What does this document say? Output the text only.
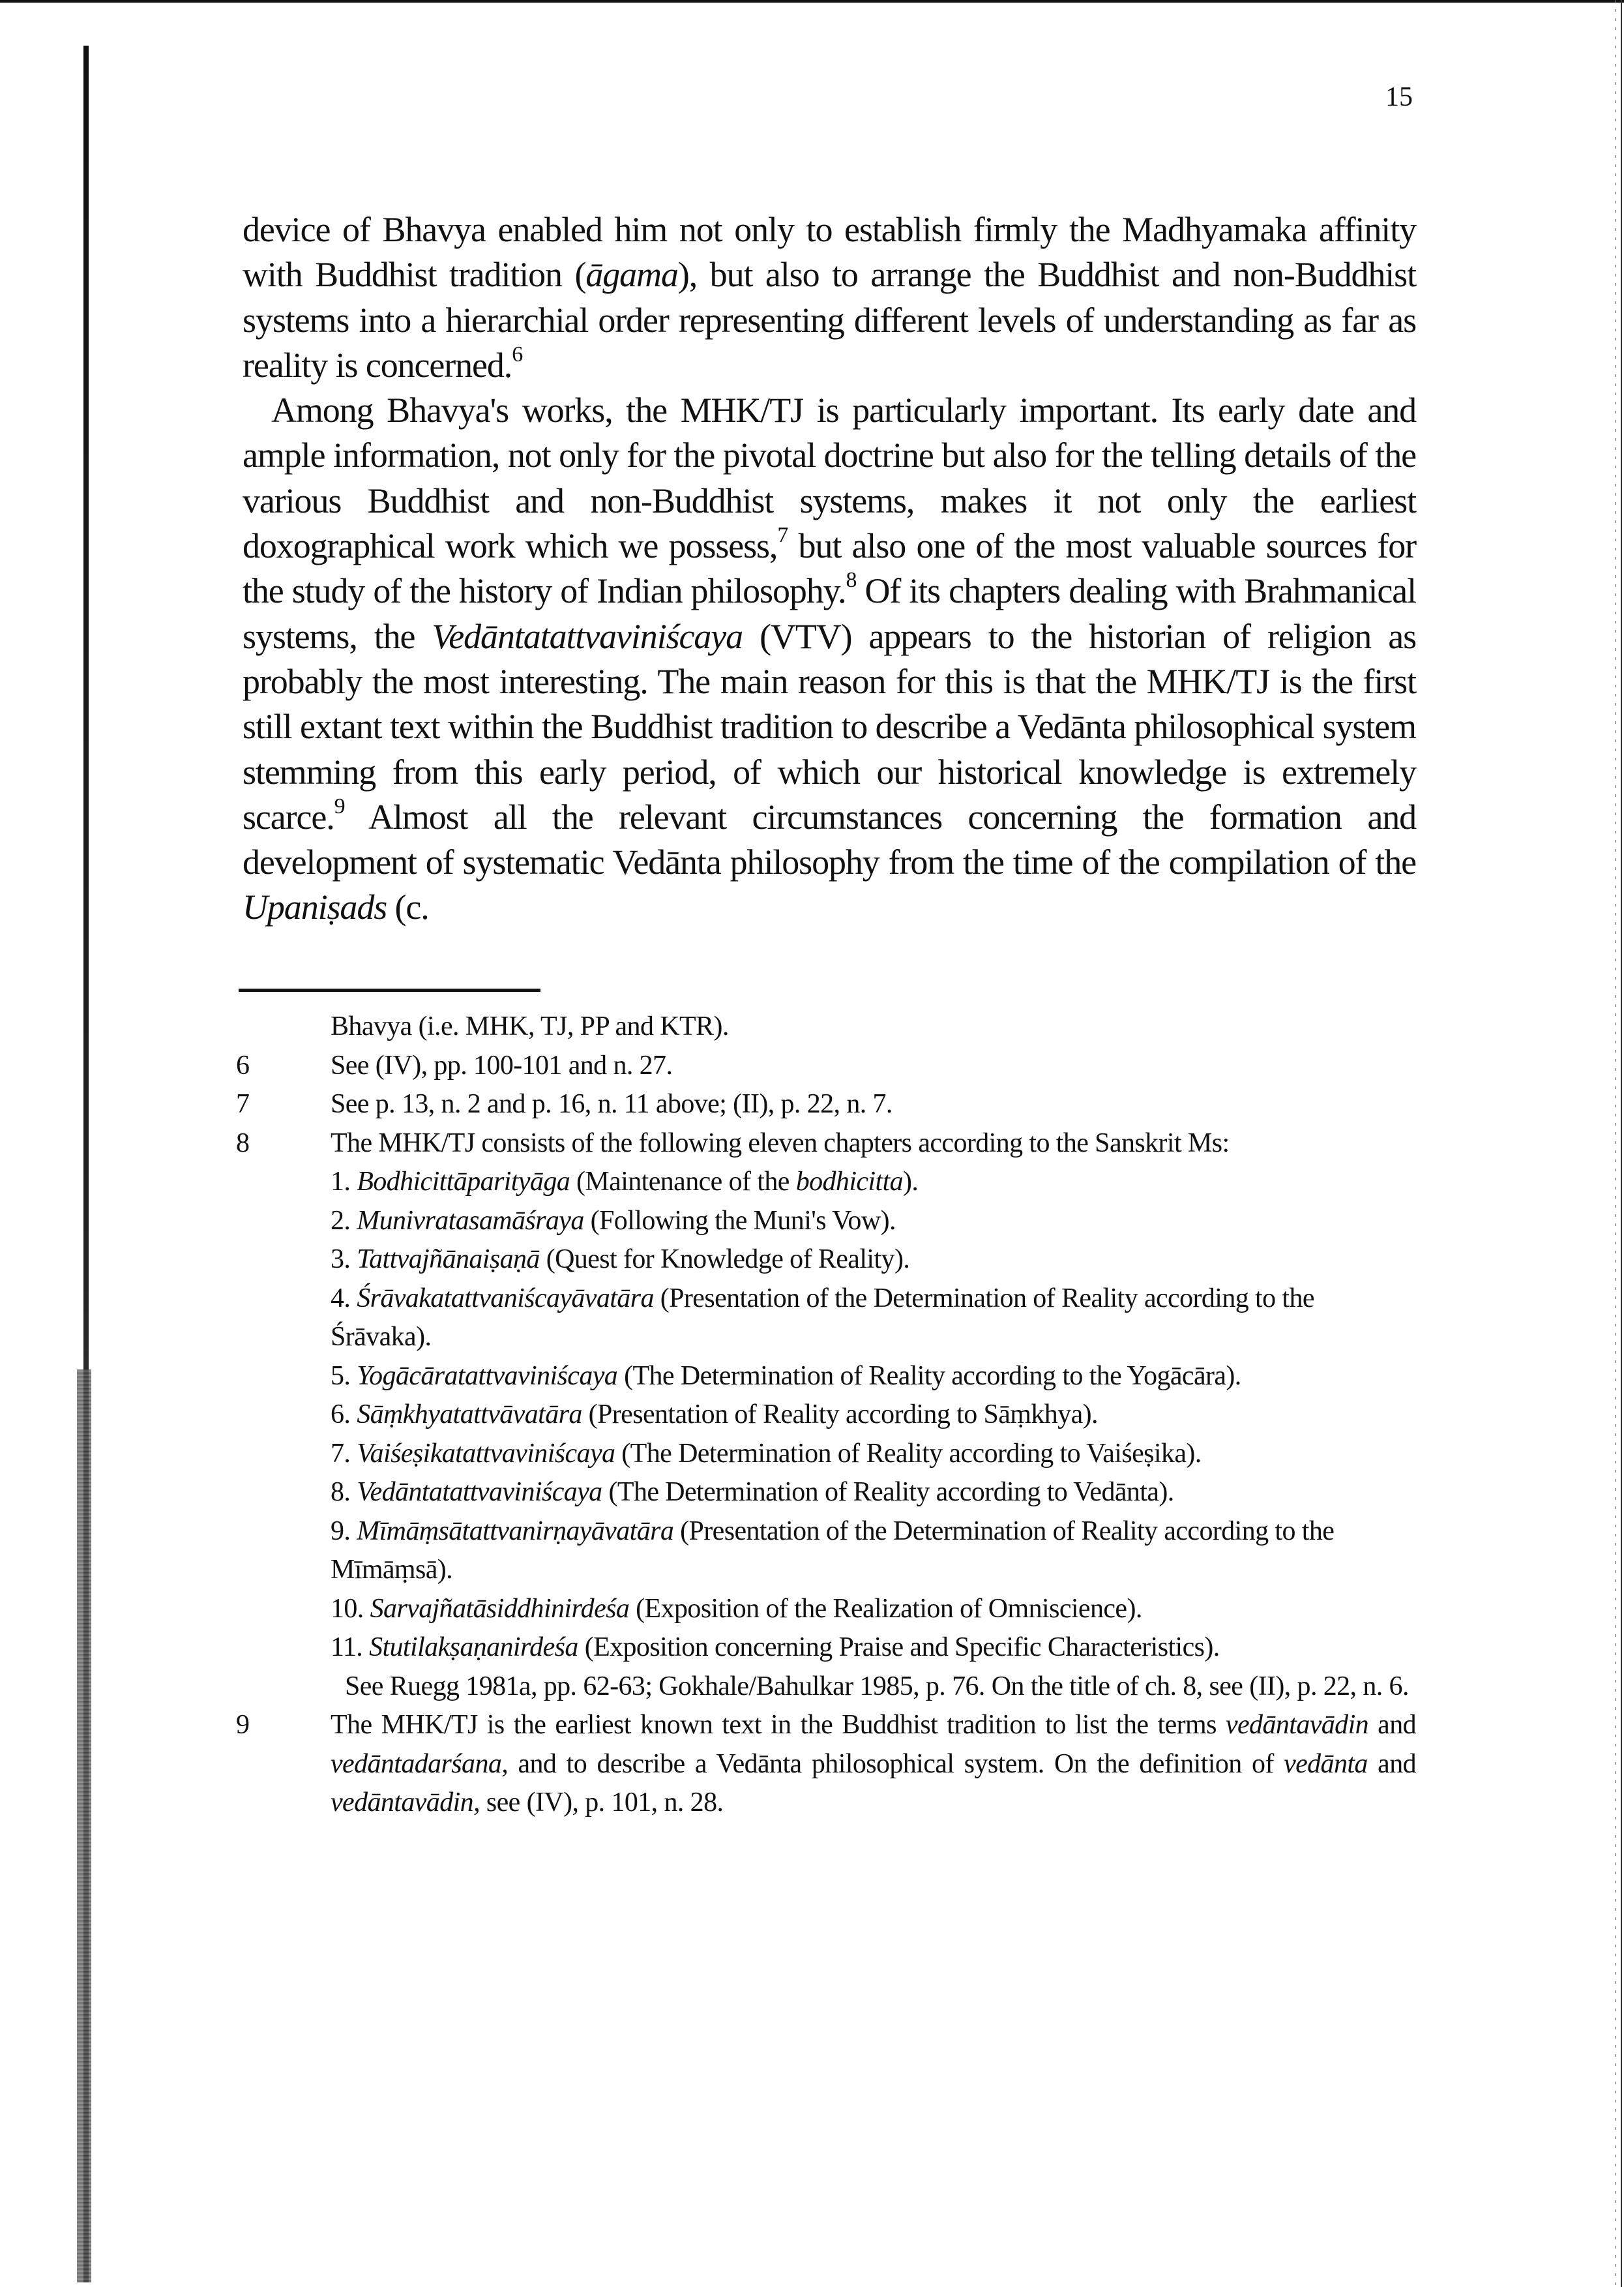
15

device of Bhavya enabled him not only to establish firmly the Madhyamaka affinity with Buddhist tradition (āgama), but also to arrange the Buddhist and non-Buddhist systems into a hierarchial order representing different levels of understanding as far as reality is concerned.$^6$

Among Bhavya's works, the MHK/TJ is particularly important. Its early date and ample information, not only for the pivotal doctrine but also for the telling details of the various Buddhist and non-Buddhist systems, makes it not only the earliest doxographical work which we possess,$^7$ but also one of the most valuable sources for the study of the history of Indian philosophy.$^8$ Of its chapters dealing with Brahmanical systems, the Vedāntatattvaviniścaya (VTV) appears to the historian of religion as probably the most interesting. The main reason for this is that the MHK/TJ is the first still extant text within the Buddhist tradition to describe a Vedānta philosophical system stemming from this early period, of which our historical knowledge is extremely scarce.$^9$ Almost all the relevant circumstances concerning the formation and development of systematic Vedānta philosophy from the time of the compilation of the Upaniṣads (c.

Bhavya (i.e. MHK, TJ, PP and KTR).
6	See (IV), pp. 100-101 and n. 27.
7	See p. 13, n. 2 and p. 16, n. 11 above; (II), p. 22, n. 7.
8	The MHK/TJ consists of the following eleven chapters according to the Sanskrit Ms:
1. Bodhicittāparityāga (Maintenance of the bodhicitta).
2. Munivratasamāśraya (Following the Muni's Vow).
3. Tattvajñānaiṣaṇā (Quest for Knowledge of Reality).
4. Śrāvakatattvaniścayāvatāra (Presentation of the Determination of Reality according to the Śrāvaka).
5. Yogācāratattvaviniścaya (The Determination of Reality according to the Yogācāra).
6. Sāṃkhyatattvāvatāra (Presentation of Reality according to Sāṃkhya).
7. Vaiśeṣikatattvaviniścaya (The Determination of Reality according to Vaiśeṣika).
8. Vedāntatattvaviniścaya (The Determination of Reality according to Vedānta).
9. Mīmāṃsātattvanirṇayāvatāra (Presentation of the Determination of Reality according to the Mīmāṃsā).
10. Sarvajñatāsiddhinirdeśa (Exposition of the Realization of Omniscience).
11. Stutilakṣaṇanirdeśa (Exposition concerning Praise and Specific Characteristics).
See Ruegg 1981a, pp. 62-63; Gokhale/Bahulkar 1985, p. 76. On the title of ch. 8, see (II), p. 22, n. 6.
9	The MHK/TJ is the earliest known text in the Buddhist tradition to list the terms vedāntavādin and vedāntadarśana, and to describe a Vedānta philosophical system. On the definition of vedānta and vedāntavādin, see (IV), p. 101, n. 28.
